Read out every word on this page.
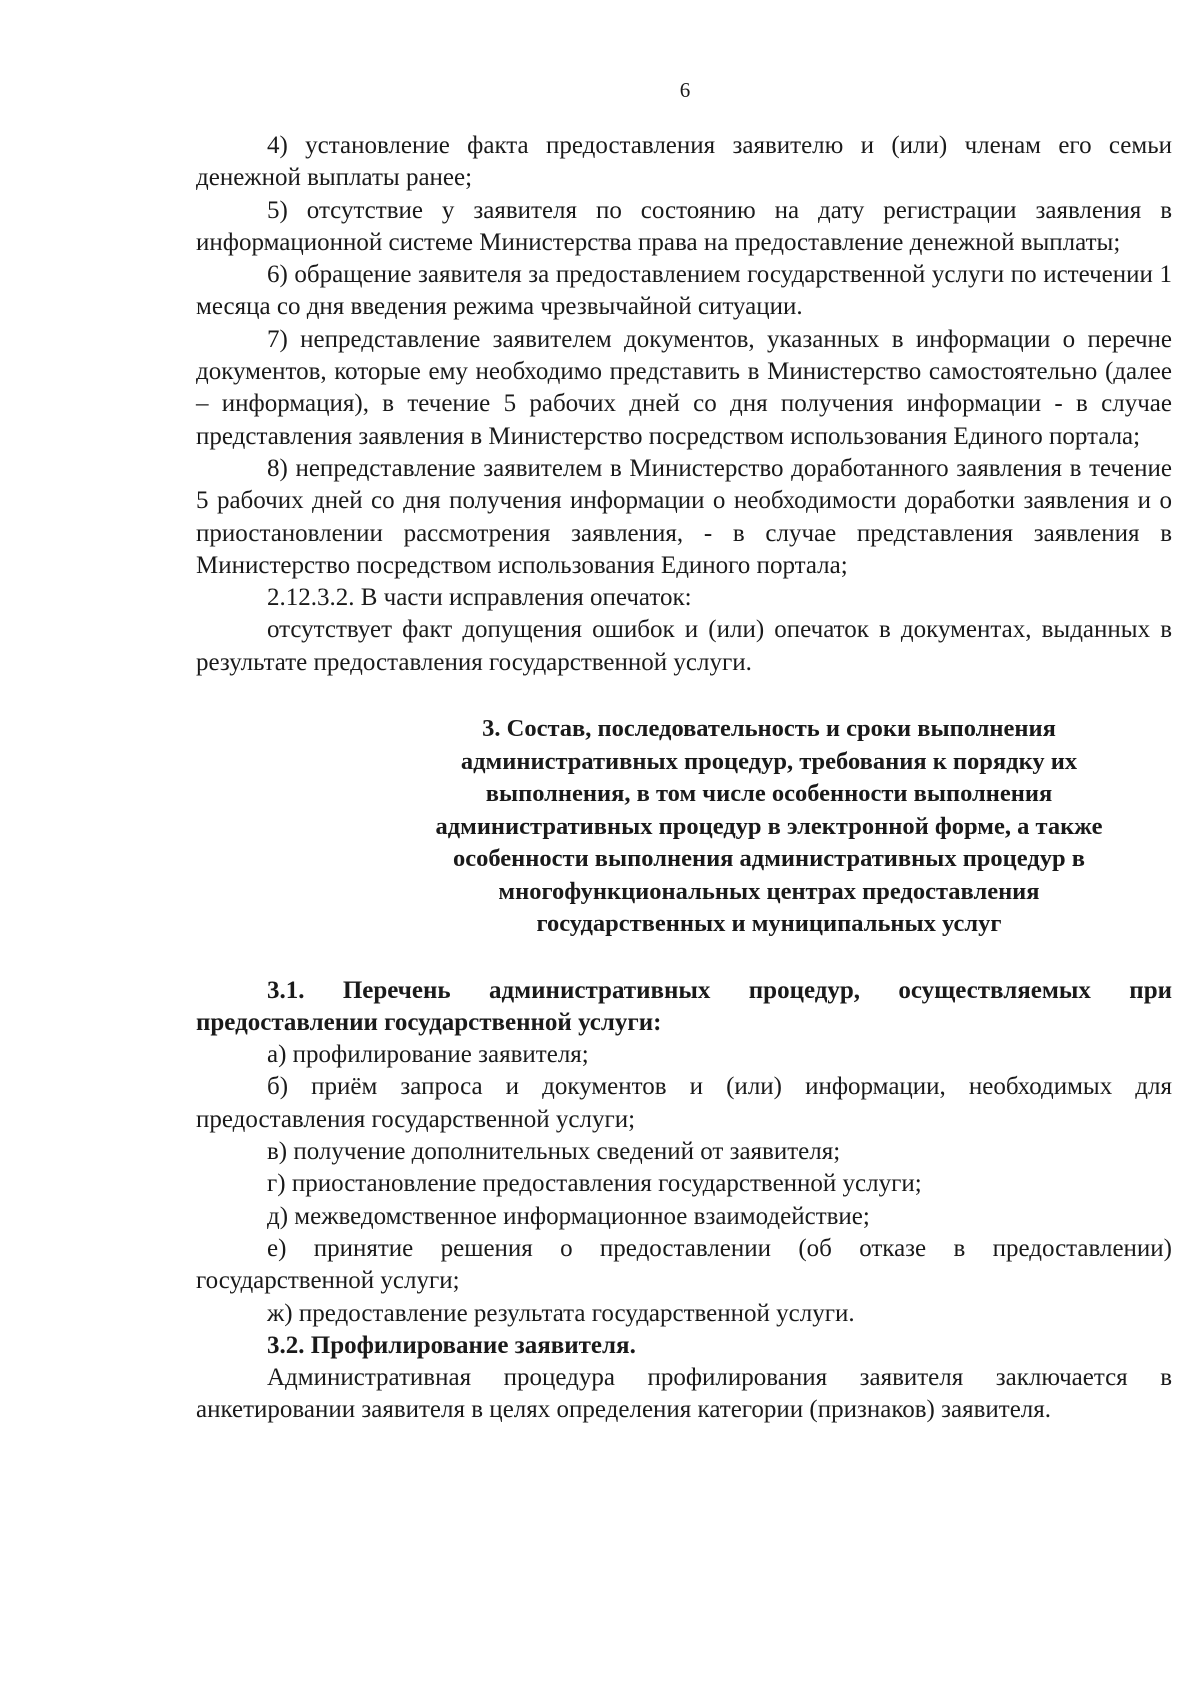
6

4) установление факта предоставления заявителю и (или) членам его семьи денежной выплаты ранее;

5) отсутствие у заявителя по состоянию на дату регистрации заявления в информационной системе Министерства права на предоставление денежной выплаты;

6) обращение заявителя за предоставлением государственной услуги по истечении 1 месяца со дня введения режима чрезвычайной ситуации.

7) непредставление заявителем документов, указанных в информации о перечне документов, которые ему необходимо представить в Министерство самостоятельно (далее – информация), в течение 5 рабочих дней со дня получения информации - в случае представления заявления в Министерство посредством использования Единого портала;

8) непредставление заявителем в Министерство доработанного заявления в течение 5 рабочих дней со дня получения информации о необходимости доработки заявления и о приостановлении рассмотрения заявления, - в случае представления заявления в Министерство посредством использования Единого портала;

2.12.3.2. В части исправления опечаток:

отсутствует факт допущения ошибок и (или) опечаток в документах, выданных в результате предоставления государственной услуги.

3. Состав, последовательность и сроки выполнения
административных процедур, требования к порядку их
выполнения, в том числе особенности выполнения
административных процедур в электронной форме, а также
особенности выполнения административных процедур в
многофункциональных центрах предоставления
государственных и муниципальных услуг

3.1. Перечень административных процедур, осуществляемых при предоставлении государственной услуги:

а) профилирование заявителя;

б) приём запроса и документов и (или) информации, необходимых для предоставления государственной услуги;

в) получение дополнительных сведений от заявителя;

г) приостановление предоставления государственной услуги;

д) межведомственное информационное взаимодействие;

е) принятие решения о предоставлении (об отказе в предоставлении) государственной услуги;

ж) предоставление результата государственной услуги.

3.2. Профилирование заявителя.

Административная процедура профилирования заявителя заключается в анкетировании заявителя в целях определения категории (признаков) заявителя.
